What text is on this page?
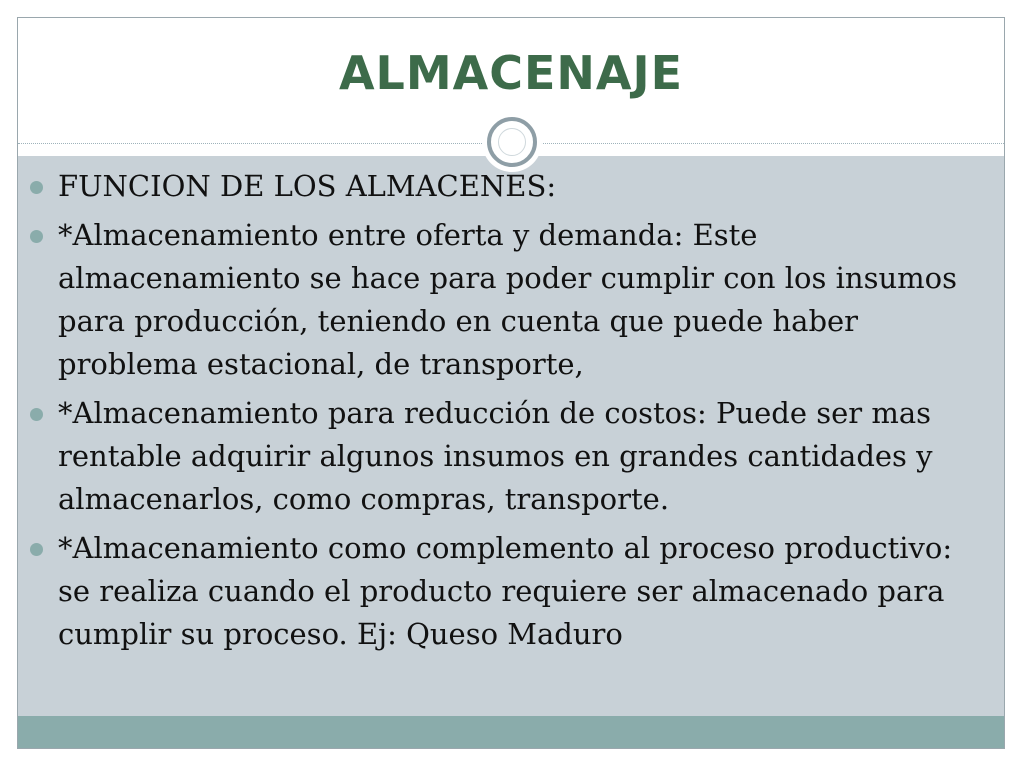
ALMACENAJE
FUNCION DE LOS ALMACENES:
*Almacenamiento entre oferta y demanda: Este almacenamiento se hace para poder cumplir con los insumos para producción, teniendo en cuenta que puede haber problema estacional, de transporte,
*Almacenamiento para reducción de costos: Puede ser mas rentable adquirir algunos insumos en grandes cantidades y almacenarlos, como compras, transporte.
*Almacenamiento como complemento al proceso productivo: se realiza cuando el producto requiere ser almacenado para cumplir su proceso. Ej: Queso Maduro
